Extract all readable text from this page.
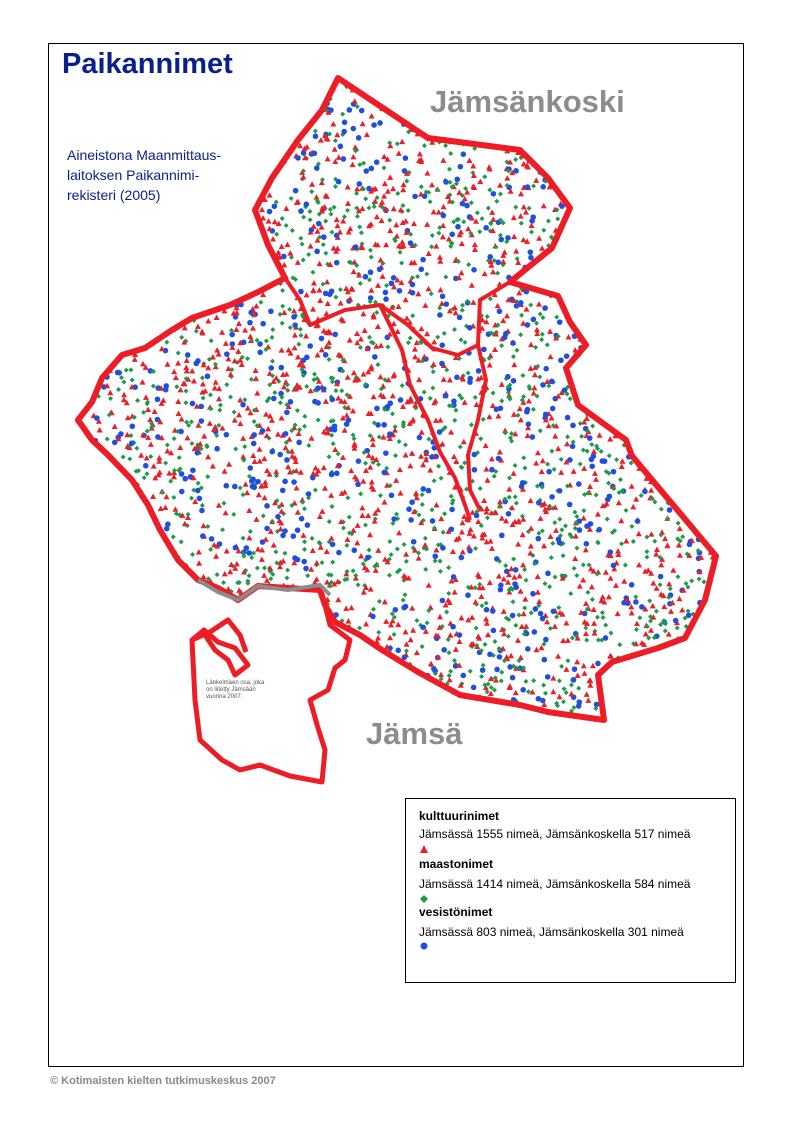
Paikannimet
Aineistona Maanmittaus-
laitoksen Paikannimi-
rekisteri (2005)
Jämsänkoski
Jämsä
Länkelmäen osa, joka
on liitetty Jämsään
vuonna 2007.
kulttuurinimet
Jämsässä 1555 nimeä, Jämsänkoskella 517 nimeä
maastonimet
Jämsässä 1414 nimeä, Jämsänkoskella 584 nimeä
vesistönimet
Jämsässä 803 nimeä, Jämsänkoskella 301 nimeä
© Kotimaisten kielten tutkimuskeskus 2007
